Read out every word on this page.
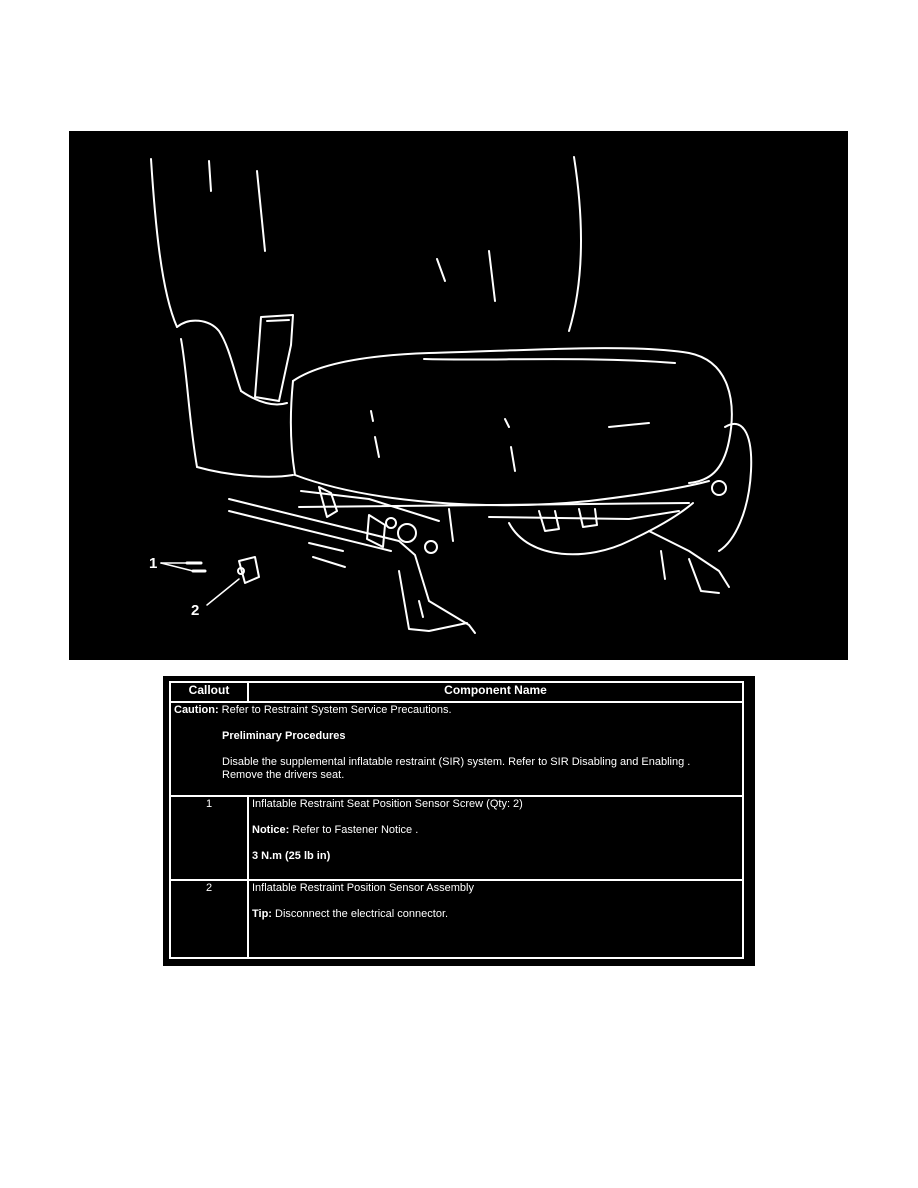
1
2
Callout	Component Name

Caution: Refer to Restraint System Service Precautions.
Preliminary Procedures
Disable the supplemental inflatable restraint (SIR) system. Refer to SIR Disabling and Enabling .
Remove the drivers seat.	

1	Inflatable Restraint Seat Position Sensor Screw (Qty: 2)
Notice: Refer to Fastener Notice .
3 N.m (25 lb in)

2	Inflatable Restraint Position Sensor Assembly
Tip: Disconnect the electrical connector.
